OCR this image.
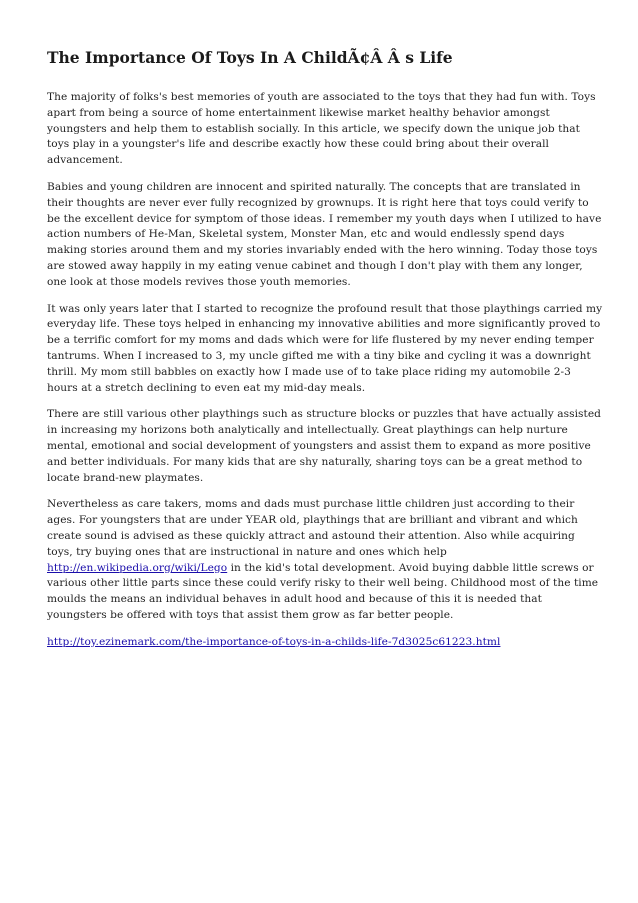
The Importance Of Toys In A ChildÃ¢Â Â s Life

The majority of folks's best memories of youth are associated to the toys that they had fun with. Toys apart from being a source of home entertainment likewise market healthy behavior amongst youngsters and help them to establish socially. In this article, we specify down the unique job that toys play in a youngster's life and describe exactly how these could bring about their overall advancement.

Babies and young children are innocent and spirited naturally. The concepts that are translated in their thoughts are never ever fully recognized by grownups. It is right here that toys could verify to be the excellent device for symptom of those ideas. I remember my youth days when I utilized to have action numbers of He-Man, Skeletal system, Monster Man, etc and would endlessly spend days making stories around them and my stories invariably ended with the hero winning. Today those toys are stowed away happily in my eating venue cabinet and though I don't play with them any longer, one look at those models revives those youth memories.

It was only years later that I started to recognize the profound result that those playthings carried my everyday life. These toys helped in enhancing my innovative abilities and more significantly proved to be a terrific comfort for my moms and dads which were for life flustered by my never ending temper tantrums. When I increased to 3, my uncle gifted me with a tiny bike and cycling it was a downright thrill. My mom still babbles on exactly how I made use of to take place riding my automobile 2-3 hours at a stretch declining to even eat my mid-day meals.

There are still various other playthings such as structure blocks or puzzles that have actually assisted in increasing my horizons both analytically and intellectually. Great playthings can help nurture mental, emotional and social development of youngsters and assist them to expand as more positive and better individuals. For many kids that are shy naturally, sharing toys can be a great method to locate brand-new playmates.

Nevertheless as care takers, moms and dads must purchase little children just according to their ages. For youngsters that are under YEAR old, playthings that are brilliant and vibrant and which create sound is advised as these quickly attract and astound their attention. Also while acquiring toys, try buying ones that are instructional in nature and ones which help http://en.wikipedia.org/wiki/Lego in the kid's total development. Avoid buying dabble little screws or various other little parts since these could verify risky to their well being. Childhood most of the time moulds the means an individual behaves in adult hood and because of this it is needed that youngsters be offered with toys that assist them grow as far better people.

http://toy.ezinemark.com/the-importance-of-toys-in-a-childs-life-7d3025c61223.html
